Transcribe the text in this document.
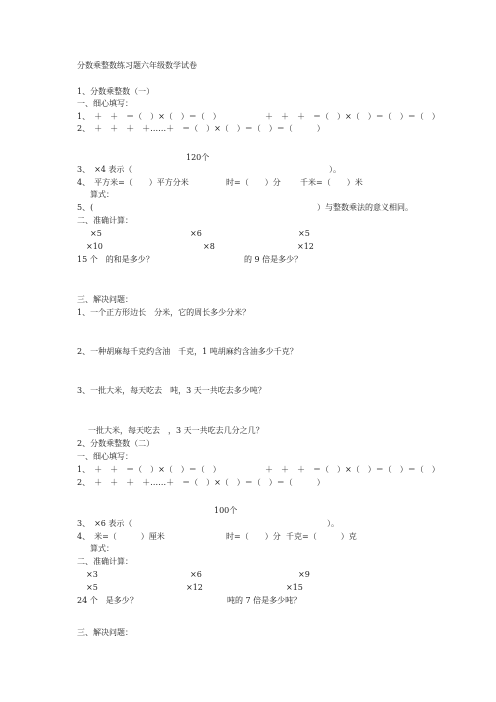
分数乘整数练习题六年级数学试卷
1、分数乘整数（一）
一、细心填写：
1、　＋　＋　＝（　）×（　）＝（　）	＋　＋　＋　＝（　）×（　）＝（　）＝（　）
2、　＋　＋　＋　＋……＋　＝（　）×（　）＝（　）＝（　　　）
120个
3、　×4 表示（	）。
4、　平方米=（　　）平方分米	时=（　　）分 千米=（　　）米
算式：
5、(	）与整数乘法的意义相同。
二、准确计算：
×5	×6	×5
×10	×8	×12
15 个　的和是多少？	的 9 倍是多少？
三、解决问题：
1、一个正方形边长　分米，它的周长多少分米？
2、一种胡麻每千克约含油　千克，1 吨胡麻约含油多少千克？
3、一批大米，每天吃去　吨，3 天一共吃去多少吨？
一批大米，每天吃去　，3 天一共吃去几分之几？
2、分数乘整数（二）
一、细心填写：
1、　＋　＋　＝（　）×（　）＝（　）	＋　＋　＋　＝（　）×（　）＝（　）＝（　）
2、　＋　＋　＋　＋……＋　＝（　）×（　）＝（　）＝（　　　）
100个
3、　×6 表示（	）。
4、　米=（　　　）厘米	时=（　　）分 千克=（　　　）克
算式：
二、准确计算：
×3	×6	×9
×5	×12	×15
24 个　是多少？	吨的 7 倍是多少吨？
三、解决问题：
